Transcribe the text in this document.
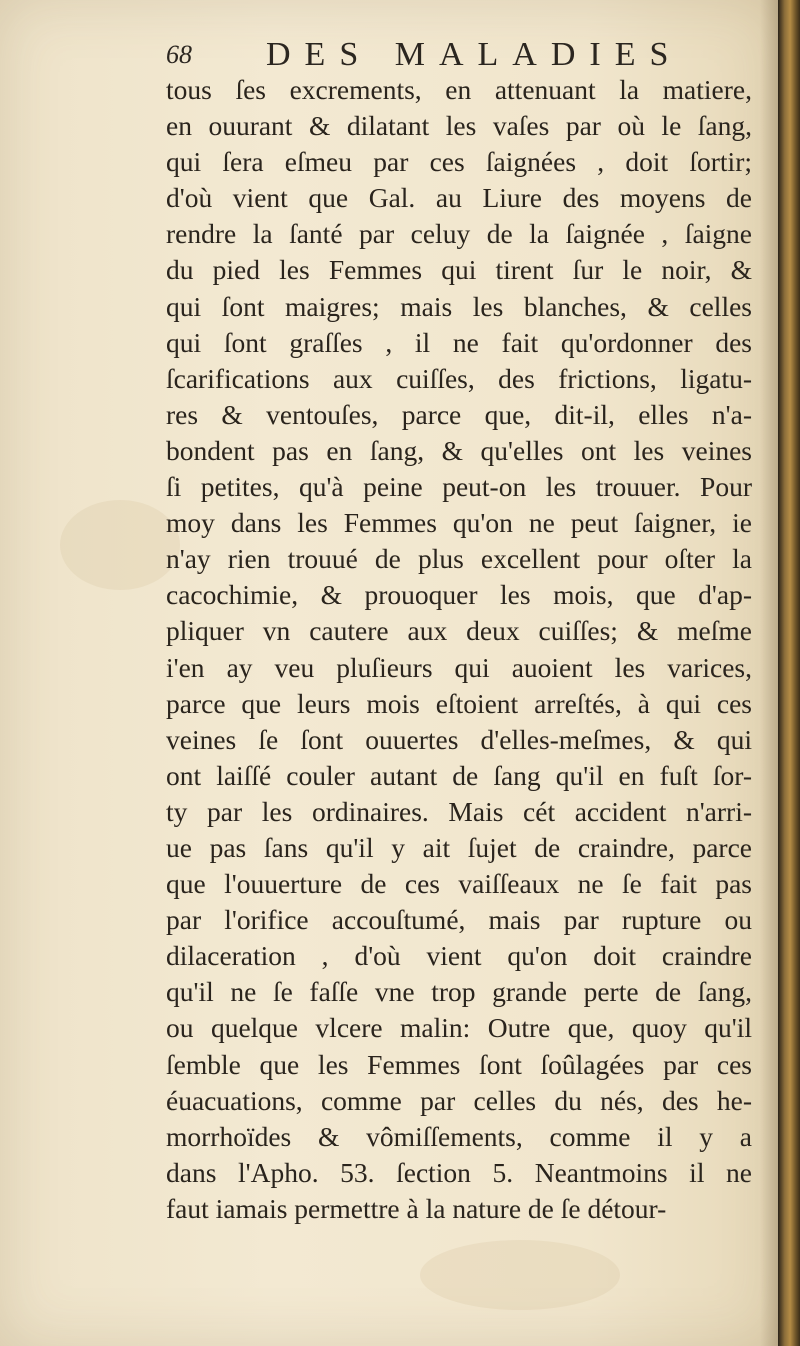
68 DES MALADIES
tous ſes excrements, en attenuant la matiere,
en ouurant & dilatant les vaſes par où le ſang,
qui ſera eſmeu par ces ſaignées , doit ſortir;
d'où vient que Gal. au Liure des moyens de
rendre la ſanté par celuy de la ſaignée , ſaigne
du pied les Femmes qui tirent ſur le noir, &
qui ſont maigres; mais les blanches, & celles
qui ſont graſſes , il ne fait qu'ordonner des
ſcarifications aux cuiſſes, des frictions, ligatu-
res & ventouſes, parce que, dit-il, elles n'a-
bondent pas en ſang, & qu'elles ont les veines
ſi petites, qu'à peine peut-on les trouuer. Pour
moy dans les Femmes qu'on ne peut ſaigner, ie
n'ay rien trouué de plus excellent pour oſter la
cacochimie, & prouoquer les mois, que d'ap-
pliquer vn cautere aux deux cuiſſes; & meſme
i'en ay veu pluſieurs qui auoient les varices,
parce que leurs mois eſtoient arreſtés, à qui ces
veines ſe ſont ouuertes d'elles-meſmes, & qui
ont laiſſé couler autant de ſang qu'il en fuſt ſor-
ty par les ordinaires. Mais cét accident n'arri-
ue pas ſans qu'il y ait ſujet de craindre, parce
que l'ouuerture de ces vaiſſeaux ne ſe fait pas
par l'orifice accouſtumé, mais par rupture ou
dilaceration , d'où vient qu'on doit craindre
qu'il ne ſe faſſe vne trop grande perte de ſang,
ou quelque vlcere malin: Outre que, quoy qu'il
ſemble que les Femmes ſont ſoûlagées par ces
éuacuations, comme par celles du nés, des he-
morrhoïdes & vômiſſements, comme il y a
dans l'Apho. 53. ſection 5. Neantmoins il ne
faut iamais permettre à la nature de ſe détour-
